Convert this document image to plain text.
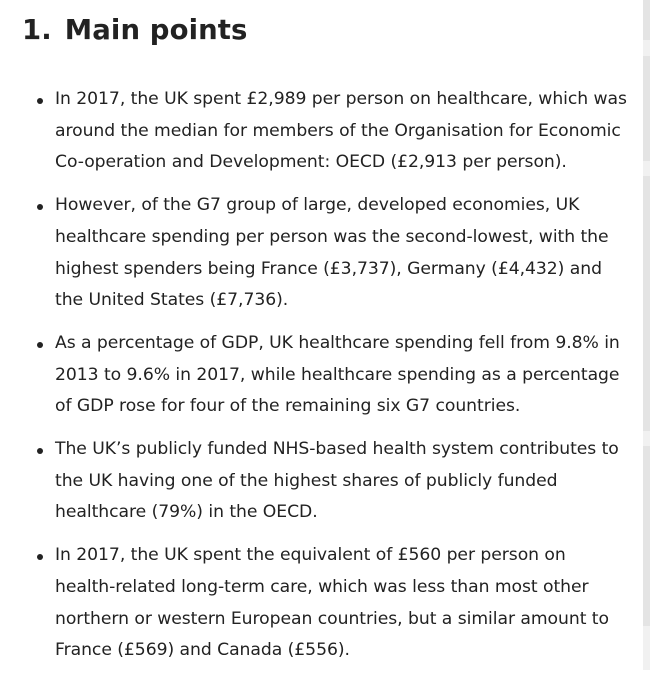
1. Main points
In 2017, the UK spent £2,989 per person on healthcare, which was around the median for members of the Organisation for Economic Co-operation and Development: OECD (£2,913 per person).
However, of the G7 group of large, developed economies, UK healthcare spending per person was the second-lowest, with the highest spenders being France (£3,737), Germany (£4,432) and the United States (£7,736).
As a percentage of GDP, UK healthcare spending fell from 9.8% in 2013 to 9.6% in 2017, while healthcare spending as a percentage of GDP rose for four of the remaining six G7 countries.
The UK’s publicly funded NHS-based health system contributes to the UK having one of the highest shares of publicly funded healthcare (79%) in the OECD.
In 2017, the UK spent the equivalent of £560 per person on health-related long-term care, which was less than most other northern or western European countries, but a similar amount to France (£569) and Canada (£556).
